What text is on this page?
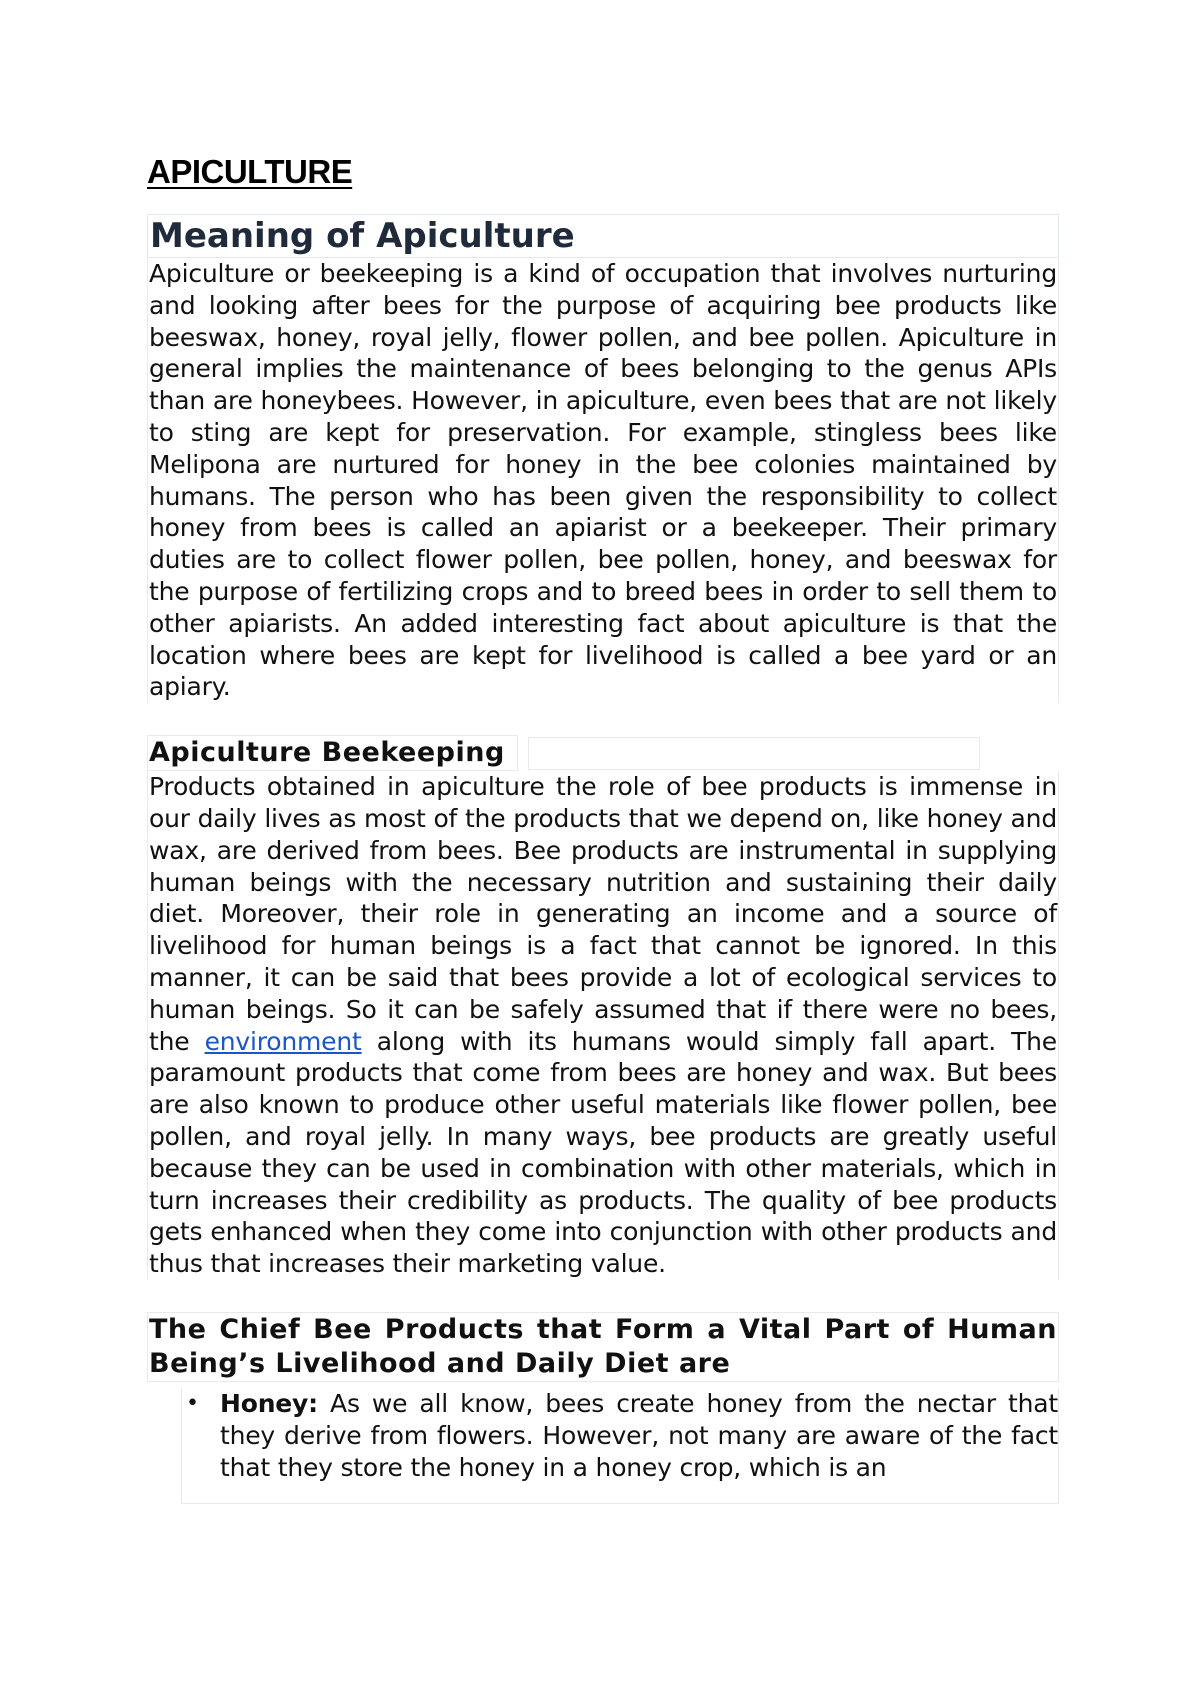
APICULTURE
Meaning of Apiculture

Apiculture or beekeeping is a kind of occupation that involves nurturing and looking after bees for the purpose of acquiring bee products like beeswax, honey, royal jelly, flower pollen, and bee pollen. Apiculture in general implies the maintenance of bees belonging to the genus APIs than are honeybees. However, in apiculture, even bees that are not likely to sting are kept for preservation. For example, stingless bees like Melipona are nurtured for honey in the bee colonies maintained by humans. The person who has been given the responsibility to collect honey from bees is called an apiarist or a beekeeper. Their primary duties are to collect flower pollen, bee pollen, honey, and beeswax for the purpose of fertilizing crops and to breed bees in order to sell them to other apiarists. An added interesting fact about apiculture is that the location where bees are kept for livelihood is called a bee yard or an apiary.

Apiculture Beekeeping

Products obtained in apiculture the role of bee products is immense in our daily lives as most of the products that we depend on, like honey and wax, are derived from bees. Bee products are instrumental in supplying human beings with the necessary nutrition and sustaining their daily diet. Moreover, their role in generating an income and a source of livelihood for human beings is a fact that cannot be ignored. In this manner, it can be said that bees provide a lot of ecological services to human beings. So it can be safely assumed that if there were no bees, the environment along with its humans would simply fall apart. The paramount products that come from bees are honey and wax. But bees are also known to produce other useful materials like flower pollen, bee pollen, and royal jelly. In many ways, bee products are greatly useful because they can be used in combination with other materials, which in turn increases their credibility as products. The quality of bee products gets enhanced when they come into conjunction with other products and thus that increases their marketing value.

The Chief Bee Products that Form a Vital Part of Human Being’s Livelihood and Daily Diet are
• Honey: As we all know, bees create honey from the nectar that they derive from flowers. However, not many are aware of the fact that they store the honey in a honey crop, which is an
